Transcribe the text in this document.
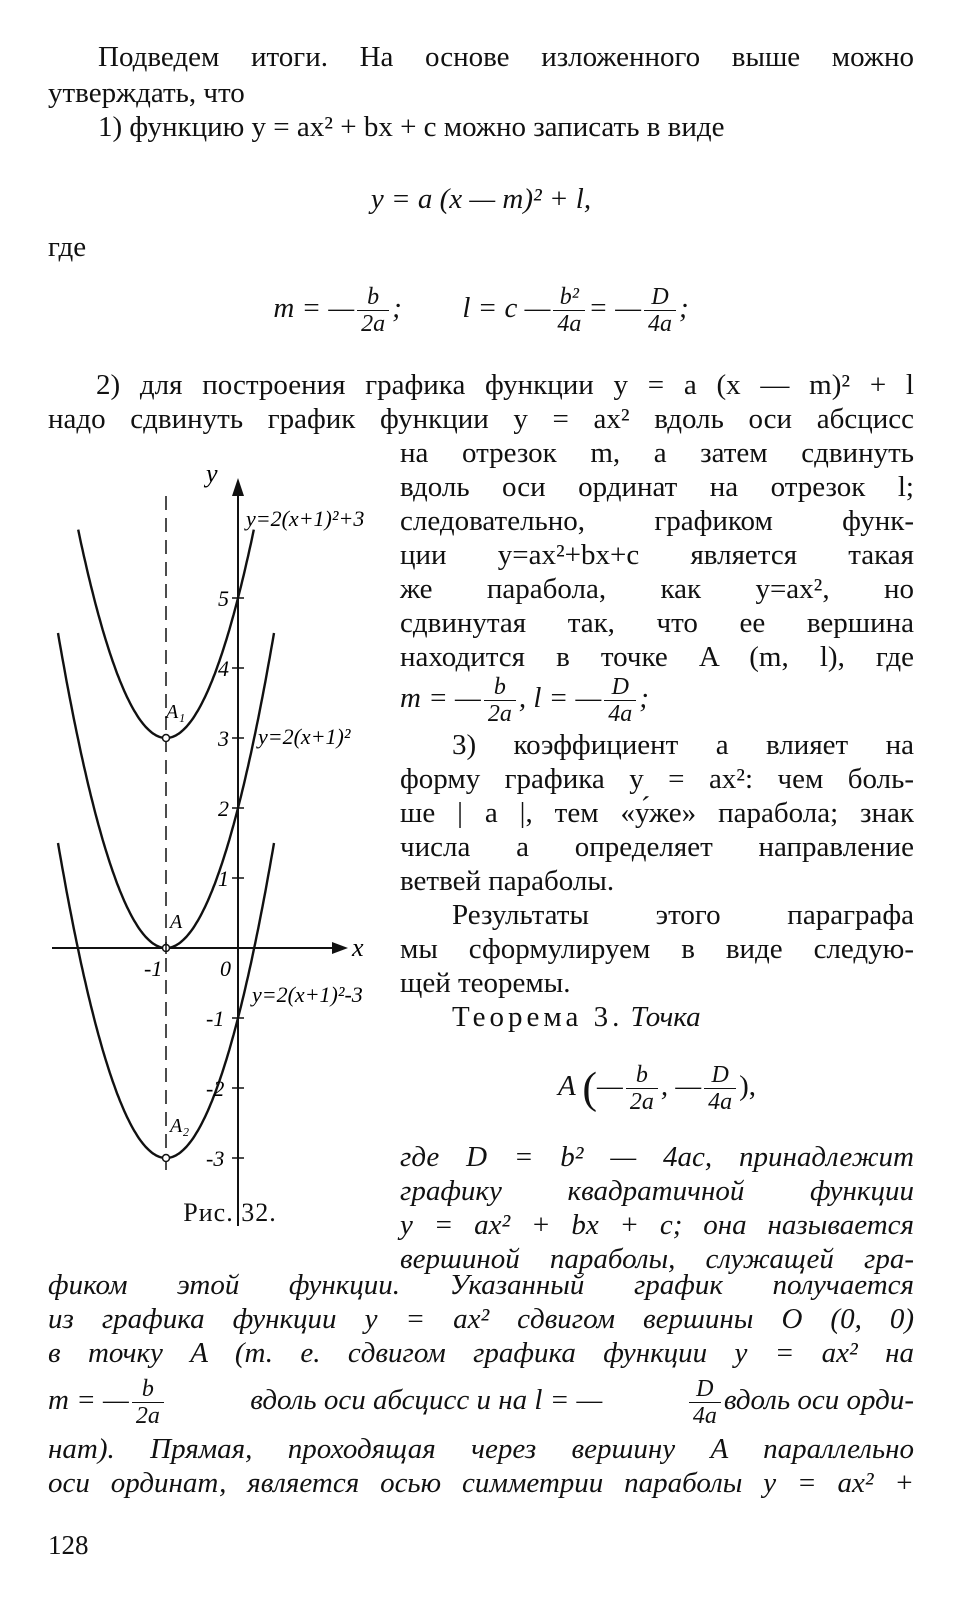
Подведем итоги. На основе изложенного выше можно
утверждать, что
1) функцию y = ax² + bx + c можно записать в виде
y = a (x — m)² + l,
где
m = — $\frac{b}{2a}$ ; l = c — $\frac{\text{b²}}{4a}$ = — $\frac{D}{4a}$ ;
2) для построения графика функции y = a (x — m)² + l
надо сдвинуть график функции y = ax² вдоль оси абсцисс
на отрезок m, а затем сдвинуть
вдоль оси ординат на отрезок l;
следовательно, графиком функ-
ции y=ax²+bx+c является такая
же парабола, как y=ax², но
сдвинутая так, что ее вершина
находится в точке A (m, l), где
m = — $\frac{b}{2a}$ , l = — $\frac{D}{4a}$ ;
3) коэффициент a влияет на
форму графика y = ax²: чем боль-
ше | a |, тем «у́же» парабола; знак
числа a определяет направление
ветвей параболы.
Результаты этого параграфа
мы сформулируем в виде следую-
щей теоремы.
Теорема 3. Точка
A (— $\frac{b}{2a}$ , — $\frac{D}{4a}$ ),
где D = b² — 4ac, принадлежит
графику квадратичной функции
y = ax² + bx + c; она называется
вершиной параболы, служащей гра-
фиком этой функции. Указанный график получается
из графика функции y = ax² сдвигом вершины O (0, 0)
в точку A (т. е. сдвигом графика функции y = ax² на
m = — $\frac{b}{2a}$	вдоль оси абсцисс и на l = —	$\frac{D}{4a}$ вдоль оси орди-
нат). Прямая, проходящая через вершину A параллельно
оси ординат, является осью симметрии параболы y = ax² +
5
4
3
2
1
-1
-2
-3
x
y
0
-1
y=2(x+1)²+3
y=2(x+1)²
y=2(x+1)²-3
A₁
A
A₂
Рис. 32.
128
